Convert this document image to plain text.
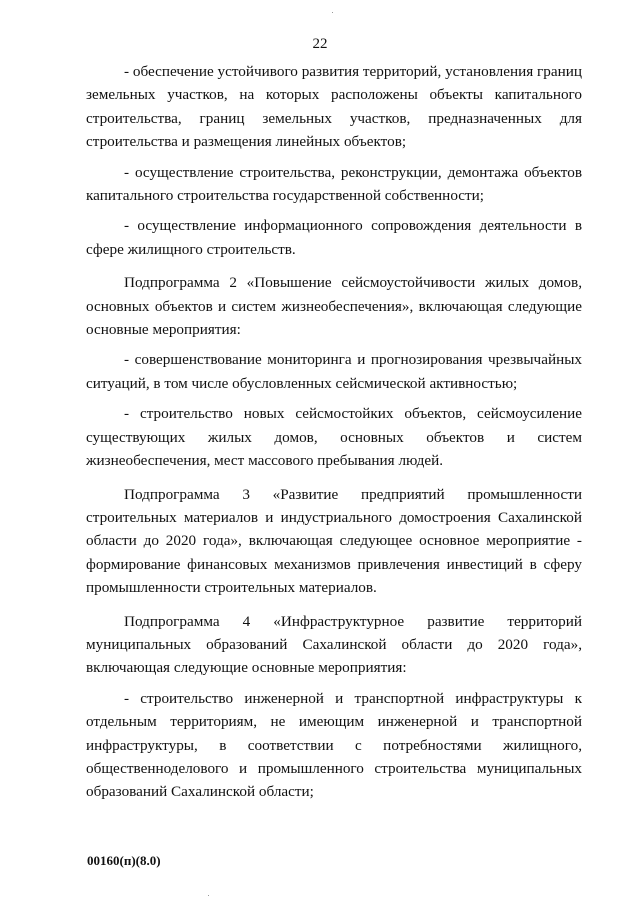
22

- обеспечение устойчивого развития территорий, установления границ земельных участков, на которых расположены объекты капитального строительства, границ земельных участков, предназначенных для строительства и размещения линейных объектов;

- осуществление строительства, реконструкции, демонтажа объектов капитального строительства государственной собственности;

- осуществление информационного сопровождения деятельности в сфере жилищного строительств.

Подпрограмма 2 «Повышение сейсмоустойчивости жилых домов, основных объектов и систем жизнеобеспечения», включающая следующие основные мероприятия:

- совершенствование мониторинга и прогнозирования чрезвычайных ситуаций, в том числе обусловленных сейсмической активностью;

- строительство новых сейсмостойких объектов, сейсмоусиление существующих жилых домов, основных объектов и систем жизнеобеспечения, мест массового пребывания людей.

Подпрограмма 3 «Развитие предприятий промышленности строительных материалов и индустриального домостроения Сахалинской области до 2020 года», включающая следующее основное мероприятие - формирование финансовых механизмов привлечения инвестиций в сферу промышленности строительных материалов.

Подпрограмма 4 «Инфраструктурное развитие территорий муниципальных образований Сахалинской области до 2020 года», включающая следующие основные мероприятия:

- строительство инженерной и транспортной инфраструктуры к отдельным территориям, не имеющим инженерной и транспортной инфраструктуры, в соответствии с потребностями жилищного, общественноделового и промышленного строительства муниципальных образований Сахалинской области;

00160(п)(8.0)
